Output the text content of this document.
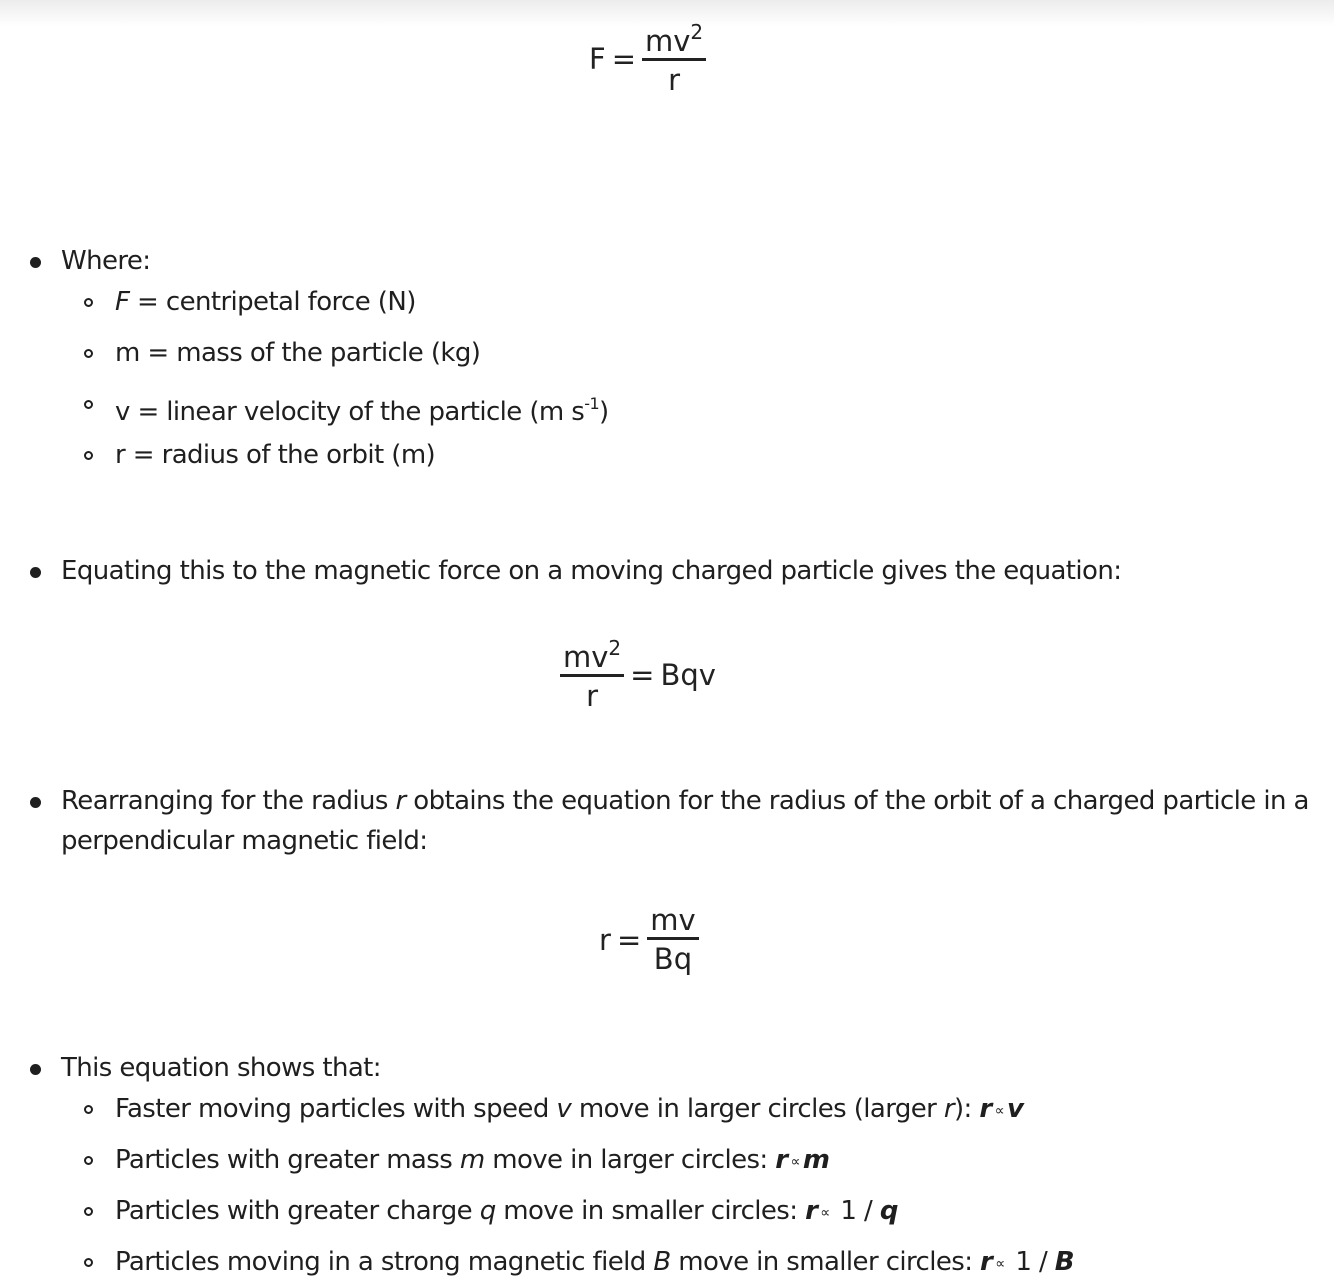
$F = \frac{mv^2}{r}$
Where:
F = centripetal force (N)
m = mass of the particle (kg)
v = linear velocity of the particle (m $s^{-1}$)
r = radius of the orbit (m)
Equating this to the magnetic force on a moving charged particle gives the equation:
$\frac{mv^2}{r}$ = Bqv
Rearranging for the radius r obtains the equation for the radius of the orbit of a charged particle in a
perpendicular magnetic field:
$r = \frac{mv}{Bq}$
This equation shows that:
Faster moving particles with speed v move in larger circles (larger r): r ∝ v
Particles with greater mass m move in larger circles: r ∝ m
Particles with greater charge q move in smaller circles: r ∝ 1 / q
Particles moving in a strong magnetic field B move in smaller circles: r ∝ 1 / B
